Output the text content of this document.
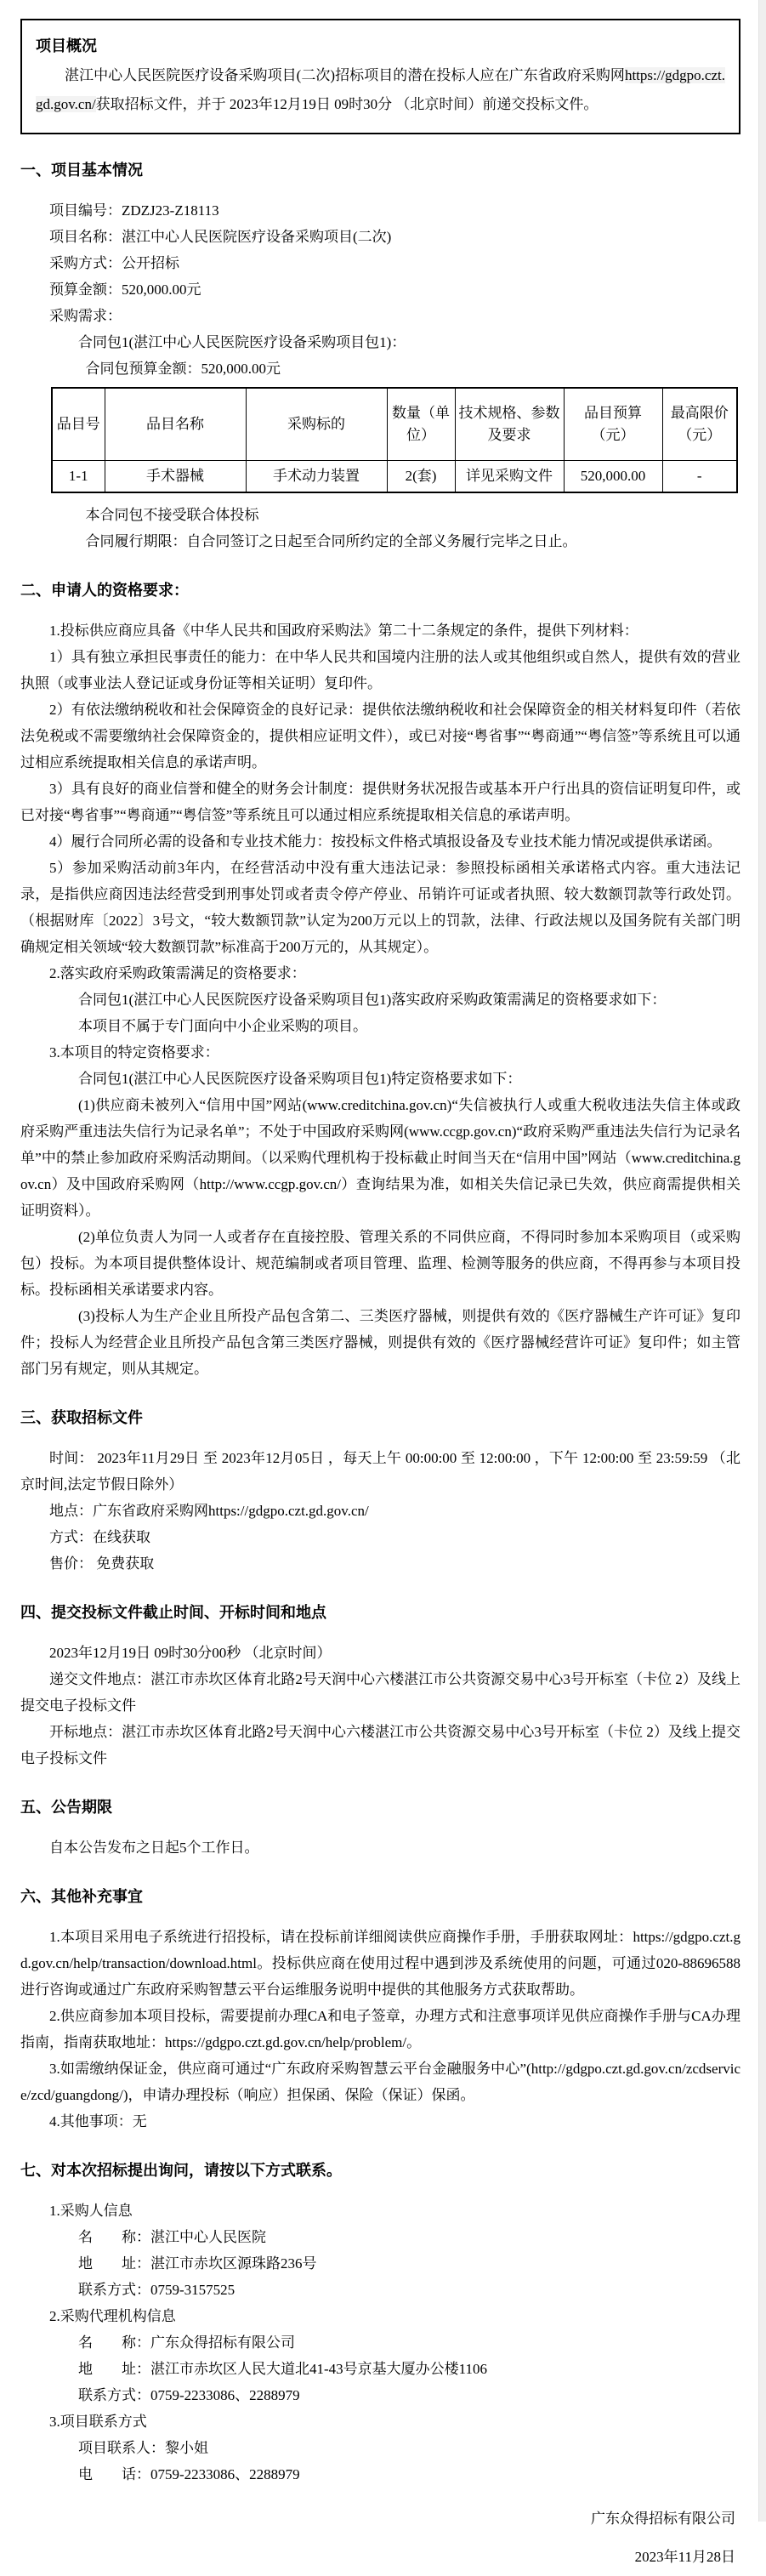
项目概况
湛江中心人民医院医疗设备采购项目(二次)招标项目的潜在投标人应在广东省政府采购网https://gdgpo.czt.gd.gov.cn/获取招标文件，并于 2023年12月19日 09时30分 （北京时间）前递交投标文件。
一、项目基本情况
项目编号：ZDZJ23-Z18113
项目名称：湛江中心人民医院医疗设备采购项目(二次)
采购方式：公开招标
预算金额：520,000.00元
采购需求：
合同包1(湛江中心人民医院医疗设备采购项目包1)：
合同包预算金额：520,000.00元
品目号	品目名称	采购标的	数量（单位）	技术规格、参数及要求	品目预算（元）	最高限价（元）
1-1	手术器械	手术动力装置	2(套)	详见采购文件	520,000.00	-
本合同包不接受联合体投标
合同履行期限：自合同签订之日起至合同所约定的全部义务履行完毕之日止。
二、申请人的资格要求：

1.投标供应商应具备《中华人民共和国政府采购法》第二十二条规定的条件，提供下列材料：

1）具有独立承担民事责任的能力：在中华人民共和国境内注册的法人或其他组织或自然人，提供有效的营业执照（或事业法人登记证或身份证等相关证明）复印件。

2）有依法缴纳税收和社会保障资金的良好记录：提供依法缴纳税收和社会保障资金的相关材料复印件（若依法免税或不需要缴纳社会保障资金的，提供相应证明文件），或已对接“粤省事”“粤商通”“粤信签”等系统且可以通过相应系统提取相关信息的承诺声明。

3）具有良好的商业信誉和健全的财务会计制度：提供财务状况报告或基本开户行出具的资信证明复印件，或已对接“粤省事”“粤商通”“粤信签”等系统且可以通过相应系统提取相关信息的承诺声明。

4）履行合同所必需的设备和专业技术能力：按投标文件格式填报设备及专业技术能力情况或提供承诺函。

5）参加采购活动前3年内，在经营活动中没有重大违法记录：参照投标函相关承诺格式内容。重大违法记录，是指供应商因违法经营受到刑事处罚或者责令停产停业、吊销许可证或者执照、较大数额罚款等行政处罚。（根据财库〔2022〕3号文，“较大数额罚款”认定为200万元以上的罚款，法律、行政法规以及国务院有关部门明确规定相关领域“较大数额罚款”标准高于200万元的，从其规定）。

2.落实政府采购政策需满足的资格要求：

合同包1(湛江中心人民医院医疗设备采购项目包1)落实政府采购政策需满足的资格要求如下：

本项目不属于专门面向中小企业采购的项目。

3.本项目的特定资格要求：

合同包1(湛江中心人民医院医疗设备采购项目包1)特定资格要求如下：

(1)供应商未被列入“信用中国”网站(www.creditchina.gov.cn)“失信被执行人或重大税收违法失信主体或政府采购严重违法失信行为记录名单”；不处于中国政府采购网(www.ccgp.gov.cn)“政府采购严重违法失信行为记录名单”中的禁止参加政府采购活动期间。（以采购代理机构于投标截止时间当天在“信用中国”网站（www.creditchina.gov.cn）及中国政府采购网（http://www.ccgp.gov.cn/）查询结果为准，如相关失信记录已失效，供应商需提供相关证明资料）。

(2)单位负责人为同一人或者存在直接控股、管理关系的不同供应商，不得同时参加本采购项目（或采购包）投标。为本项目提供整体设计、规范编制或者项目管理、监理、检测等服务的供应商，不得再参与本项目投标。投标函相关承诺要求内容。

(3)投标人为生产企业且所投产品包含第二、三类医疗器械，则提供有效的《医疗器械生产许可证》复印件；投标人为经营企业且所投产品包含第三类医疗器械，则提供有效的《医疗器械经营许可证》复印件；如主管部门另有规定，则从其规定。

三、获取招标文件

时间： 2023年11月29日 至 2023年12月05日 ，每天上午 00:00:00 至 12:00:00 ，下午 12:00:00 至 23:59:59 （北京时间,法定节假日除外）

地点：广东省政府采购网https://gdgpo.czt.gd.gov.cn/

方式：在线获取

售价： 免费获取

四、提交投标文件截止时间、开标时间和地点

2023年12月19日 09时30分00秒 （北京时间）

递交文件地点：湛江市赤坎区体育北路2号天润中心六楼湛江市公共资源交易中心3号开标室（卡位 2）及线上提交电子投标文件

开标地点：湛江市赤坎区体育北路2号天润中心六楼湛江市公共资源交易中心3号开标室（卡位 2）及线上提交电子投标文件

五、公告期限

自本公告发布之日起5个工作日。

六、其他补充事宜

1.本项目采用电子系统进行招投标，请在投标前详细阅读供应商操作手册，手册获取网址：https://gdgpo.czt.gd.gov.cn/help/transaction/download.html。投标供应商在使用过程中遇到涉及系统使用的问题，可通过020-88696588 进行咨询或通过广东政府采购智慧云平台运维服务说明中提供的其他服务方式获取帮助。

2.供应商参加本项目投标，需要提前办理CA和电子签章，办理方式和注意事项详见供应商操作手册与CA办理指南，指南获取地址：https://gdgpo.czt.gd.gov.cn/help/problem/。

3.如需缴纳保证金，供应商可通过“广东政府采购智慧云平台金融服务中心”(http://gdgpo.czt.gd.gov.cn/zcdservice/zcd/guangdong/)，申请办理投标（响应）担保函、保险（保证）保函。

4.其他事项：无

七、对本次招标提出询问，请按以下方式联系。
1.采购人信息
名　　称：湛江中心人民医院
地　　址：湛江市赤坎区源珠路236号
联系方式：0759-3157525
2.采购代理机构信息
名　　称：广东众得招标有限公司
地　　址：湛江市赤坎区人民大道北41-43号京基大厦办公楼1106
联系方式：0759-2233086、2288979
3.项目联系方式
项目联系人：黎小姐
电　　话：0759-2233086、2288979
广东众得招标有限公司
2023年11月28日
